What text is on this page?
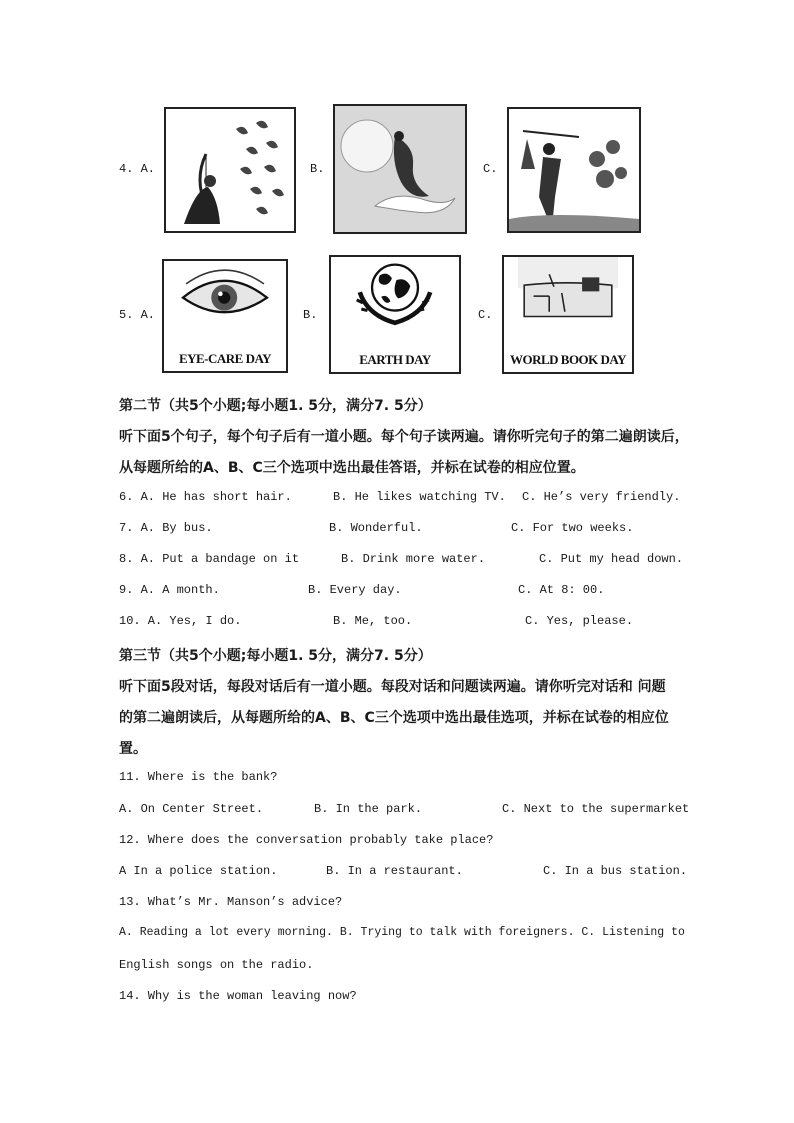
4. A.	B.	C.
5. A.
EYE-CARE DAY
B.
EARTH DAY
C.
WORLD BOOK DAY
第二节（共5个小题;每小题1. 5分，满分7. 5分）
听下面5个句子，每个句子后有一道小题。每个句子读两遍。请你听完句子的第二遍朗读后，
从每题所给的A、B、C三个选项中选出最佳答语，并标在试卷的相应位置。
6. A. He has short hair.	B. He likes watching TV. C. He’s very friendly.
7. A. By bus.	B. Wonderful.	C. For two weeks.
8. A. Put a bandage on it	B. Drink more water.	C. Put my head down.
9. A. A month.	B. Every day.	C. At 8: 00.
10. A. Yes, I do.	B. Me, too.	C. Yes, please.
第三节（共5个小题;每小题1. 5分，满分7. 5分）
听下面5段对话，每段对话后有一道小题。每段对话和问题读两遍。请你听完对话和 问题
的第二遍朗读后，从每题所给的A、B、C三个选项中选出最佳选项，并标在试卷的相应位
置。
11. Where is the bank?
A. On Center Street.	B. In the park.	C. Next to the supermarket
12. Where does the conversation probably take place?
A In a police station.	B. In a restaurant.	C. In a bus station.
13. What’s Mr. Manson’s advice?
A. Reading a lot every morning. B. Trying to talk with foreigners. C. Listening to
English songs on the radio.
14. Why is the woman leaving now?
